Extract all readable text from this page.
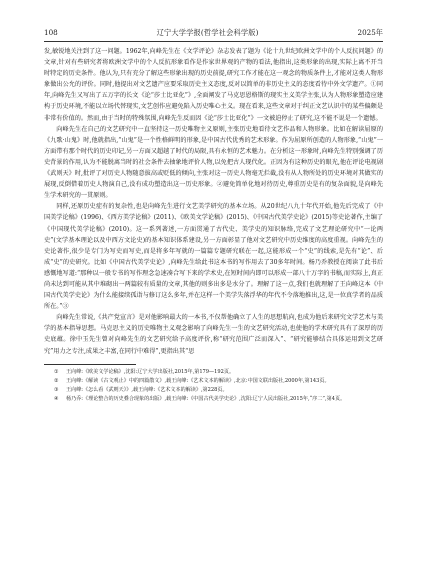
108	辽宁大学学报(哲学社会科学版)	2025年

发,敏锐地关注到了这一问题。1962年,向峰先生在《文学评论》杂志发表了题为《论十九世纪欧洲文学中的个人反抗问题》的文章,针对有些研究者将欧洲文学中的个人反抗形象看作是作家世界观的产物的看法,他指出,这类形象的出现,实际上离不开当时特定的历史条件。他认为,只有充分了解这些形象出现的历史前提,研究工作才能在这一观念的物质条件上,才能对这类人物形象做出公允的评价。同时,他提出对文艺遗产应要采取历史主义态度,反对以简单的非历史主义的态度看待中外文学遗产。①同年,向峰先生又写出了五万字的长文《论“莎士比亚化”》,全面阐发了马克思恩格斯的现实主义美学主张,认为人物形象塑造应建构于历史环境,不能以立场代替现实,文艺创作应避免陷入历史唯心主义。现在看来,这些文章对于纠正文艺认识中的某些偏颇是非常有价值的。然而,由于当时的特殊氛围,向峰先生反而因《论“莎士比亚化”》一文被迫停止了研究,这不能不说是一个遗憾。

向峰先生在自己的文艺研究中一直坚持这一历史唯物主义原则,主张历史地看待文艺作品和人物形象。比如在解读屈原的《九歌·山鬼》时,他就指出,“山鬼”是一个性格鲜明的形象,是中国古代优秀的艺术形象。作为屈原所创造的人物形象,“山鬼”一方面带有那个时代的历史印记,另一方面又超越了时代的局限,具有永恒的艺术魅力。在分析这一形象时,向峰先生特别强调了历史背景的作用,认为不能脱离当时的社会条件去抽象地评价人物,以免把古人现代化。正因为有这种历史的眼光,他在评论电视剧《武则天》时,批评了对历史人物随意拔高或贬低的倾向,主张对这一历史人物毫无拦截,没有从人物所处的历史环境对其做实的展现,反倒借着历史人物演自己,没有成功塑造出这一历史形象。②避免简单化地对待历史,尊重历史是有的复杂面貌,是向峰先生学术研究的一贯原则。

同样,还原历史症有的复杂性,也是向峰先生进行文艺美学研究的基本立场。从20世纪八九十年代开始,他先后完成了《中国美学论稿》(1996)、《西方美学论稿》(2011)、《欧美文学论稿》(2015)、《中国古代美学史论》(2015)等史论著作,主编了《中国现代美学论稿》(2010)。这一系列著述,一方面贯通了古代史、美学史的知识脉络,完成了文艺理论研究中“一论两史”(文学基本理论以及中西方文论史)的基本知识体系建设,另一方面彰显了他对文艺研究中历史维度的高度重视。向峰先生的史论著作,很少是专门为写史而写史,而是将多年写就的一篇篇专题研究联在一起,这能形成一个“史”的线索,是先有“论”、后成“史”的史研究。比如《中国古代美学史论》,向峰先生给此书这本书的写作用去了30多年时间。杨乃乔教授在阅读了此书后感慨地写道:“那种以一般专书的写作理念急速凑合写下来的学术史,在短时间内即可以形成一部八十万字的书稿,而实际上,真正尚未达到可能从其中堆砌出一两篇较有质量的文章,其他的则多出多是水分了。理解了这一点,我们也就理解了王向峰这本《中国古代美学史论》为什么能接续孤诣与修订这么多年,并在这样一个美学失落浮华的年代不令落地推出,这,是一位真学者的品质所在。”③

向峰先生常说,《共产党宣言》是对他影响最大的一本书,不仅帮他确立了人生的思想航向,也成为他后来研究文学艺术与美学的基本指导思想。马克思主义的历史唯物主义观念影响了向峰先生一生的文艺研究活动,也使他的学术研究具有了深厚的历史底蕴。徐中玉先生曾对向峰先生的文艺研究给予高度评价,称“研究范围广泛而深入”、“研究能够结合具体运用到文艺研究”用力之专注,成果之丰富,在同行中难得”,更指出其“思

①	王向峰:《欧美文学论稿》,沈阳:辽宁大学出版社,2015年,第179—192页。
②	王向峰:《解读《古文观止》中的四篇散文》,载王向峰:《艺术文本的解读》,北京:中国文联出版社,2000年,第143页。
③	王向峰:《怎么看《武则天》》,载王向峰:《艺术文本的解读》,第228页。
④	杨乃乔:《理论整合的历史叠合现象的出版》,载王向峰:《中国古代美学史论》,沈阳:辽宁人民出版社,2015年,“序二”,第4页。
